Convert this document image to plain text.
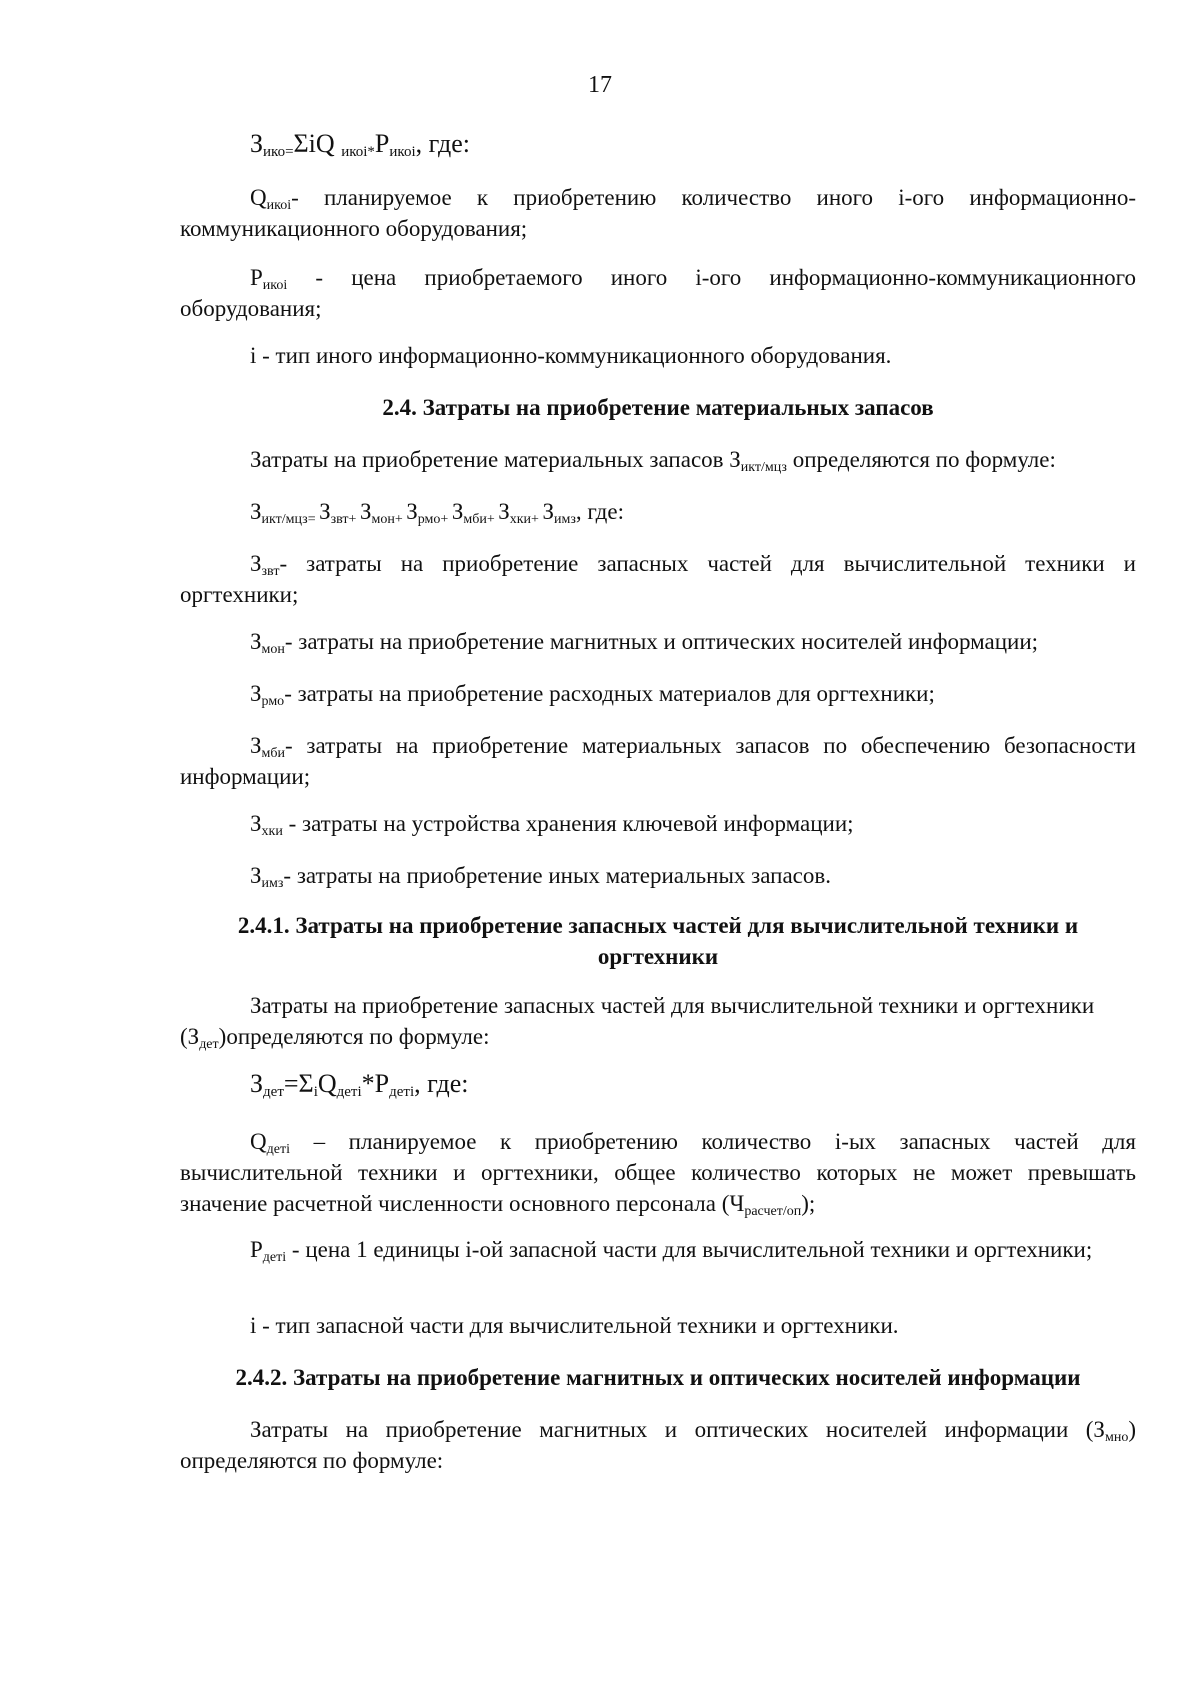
17
$З_{ико=}\Sigma iQ$ $_{икоi*}P_{икоi}$, где:
$Q_{икоi}-$ планируемое к приобретению количество иного i-ого информационно-коммуникационного оборудования;
$P_{икоi}$ - цена приобретаемого иного i-ого информационно-коммуникационного оборудования;
i - тип иного информационно-коммуникационного оборудования.
2.4. Затраты на приобретение материальных запасов
Затраты на приобретение материальных запасов $З_{икт/мцз}$ определяются по формуле:
$З_{икт/мцз=}$ $З_{звт+}$ $З_{мон+}$ $З_{рмо+}$ $З_{мби+}$ $З_{хки+}$ $З_{имз}$, где:
$З_{звт}-$ затраты на приобретение запасных частей для вычислительной техники и оргтехники;
$З_{мон}-$ затраты на приобретение магнитных и оптических носителей информации;
$З_{рмо}-$ затраты на приобретение расходных материалов для оргтехники;
$З_{мби}-$ затраты на приобретение материальных запасов по обеспечению безопасности информации;
$З_{хки}$ - затраты на устройства хранения ключевой информации;
$З_{имз}-$ затраты на приобретение иных материальных запасов.
2.4.1. Затраты на приобретение запасных частей для вычислительной техники и оргтехники
Затраты на приобретение запасных частей для вычислительной техники и оргтехники $(З_{дет})определяются$ по формуле:
$З_{дет}=\Sigma_iQ_{детi}*P_{детi}$, где:
$Q_{детi}$ – планируемое к приобретению количество i-ых запасных частей для вычислительной техники и оргтехники, общее количество которых не может превышать значение расчетной численности основного персонала $(Ч_{расчет/оп})$;
$P_{детi}$ - цена 1 единицы i-ой запасной части для вычислительной техники и оргтехники;
i - тип запасной части для вычислительной техники и оргтехники.
2.4.2. Затраты на приобретение магнитных и оптических носителей информации
Затраты на приобретение магнитных и оптических носителей информации $(З_{мно})$ определяются по формуле:
